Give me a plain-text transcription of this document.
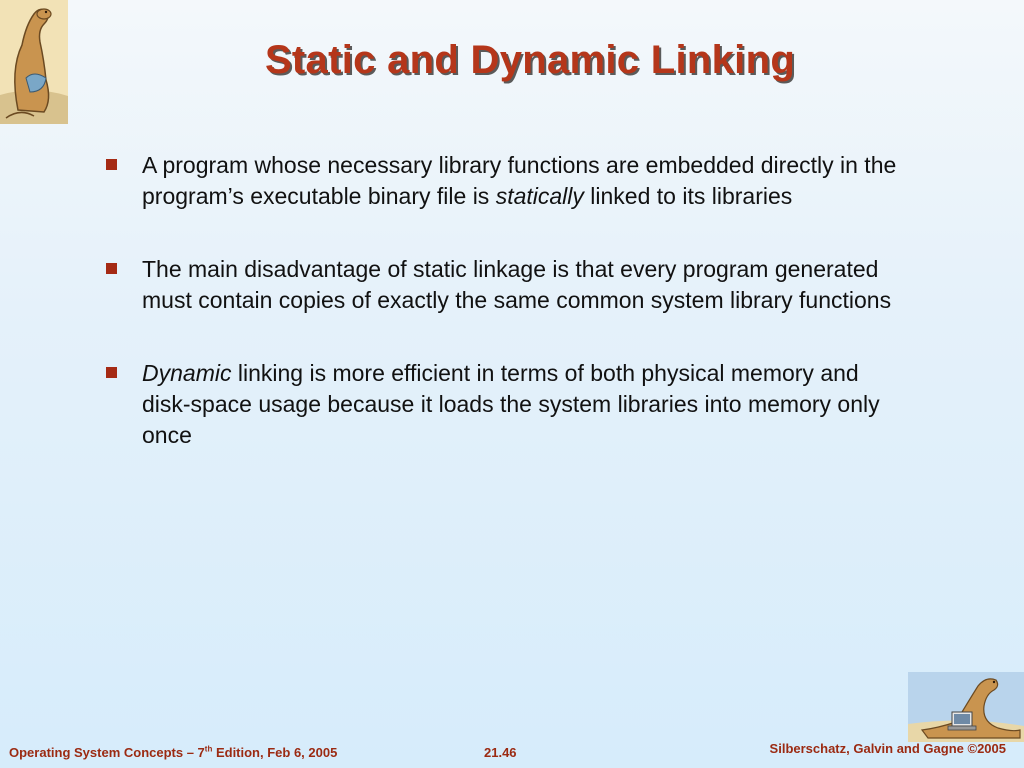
Static and Dynamic Linking
A program whose necessary library functions are embedded directly in the program’s executable binary file is statically linked to its libraries
The main disadvantage of static linkage is that every program generated must contain copies of exactly the same common system library functions
Dynamic linking is more efficient in terms of both physical memory and disk-space usage because it loads the system libraries into memory only once
Operating System Concepts – 7th Edition, Feb 6, 2005	21.46	Silberschatz, Galvin and Gagne ©2005
